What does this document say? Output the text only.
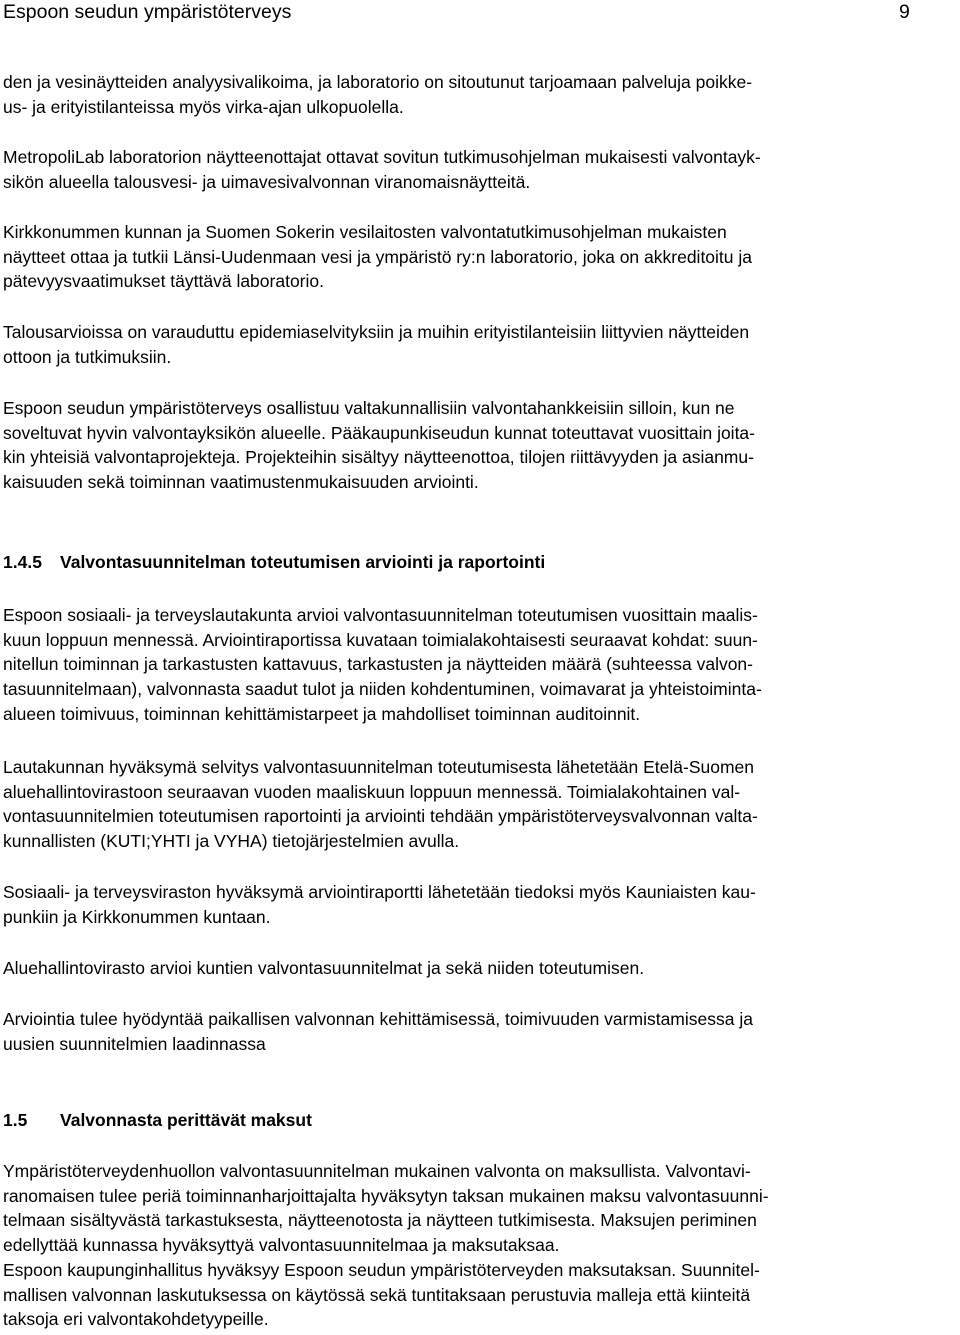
Espoon seudun ympäristöterveys	9
den ja vesinäytteiden analyysivalikoima, ja laboratorio on sitoutunut tarjoamaan palveluja poikke-
us- ja erityistilanteissa myös virka-ajan ulkopuolella.
MetropoliLab laboratorion näytteenottajat ottavat sovitun tutkimusohjelman mukaisesti valvontayk-
sikön alueella talousvesi- ja uimavesivalvonnan viranomaisnäytteitä.
Kirkkonummen kunnan ja Suomen Sokerin vesilaitosten valvontatutkimusohjelman mukaisten
näytteet ottaa ja tutkii Länsi-Uudenmaan vesi ja ympäristö ry:n laboratorio, joka on akkreditoitu ja
pätevyysvaatimukset täyttävä laboratorio.
Talousarvioissa on varauduttu epidemiaselvityksiin ja muihin erityistilanteisiin liittyvien näytteiden
ottoon ja tutkimuksiin.
Espoon seudun ympäristöterveys osallistuu valtakunnallisiin valvontahankkeisiin silloin, kun ne
soveltuvat hyvin valvontayksikön alueelle. Pääkaupunkiseudun kunnat toteuttavat vuosittain joita-
kin yhteisiä valvontaprojekteja. Projekteihin sisältyy näytteenottoa, tilojen riittävyyden ja asianmu-
kaisuuden sekä toiminnan vaatimustenmukaisuuden arviointi.
1.4.5 Valvontasuunnitelman toteutumisen arviointi ja raportointi
Espoon sosiaali- ja terveyslautakunta arvioi valvontasuunnitelman toteutumisen vuosittain maalis-
kuun loppuun mennessä. Arviointiraportissa kuvataan toimialakohtaisesti seuraavat kohdat: suun-
nitellun toiminnan ja tarkastusten kattavuus, tarkastusten ja näytteiden määrä (suhteessa valvon-
tasuunnitelmaan), valvonnasta saadut tulot ja niiden kohdentuminen, voimavarat ja yhteistoiminta-
alueen toimivuus, toiminnan kehittämistarpeet ja mahdolliset toiminnan auditoinnit.
Lautakunnan hyväksymä selvitys valvontasuunnitelman toteutumisesta lähetetään Etelä-Suomen
aluehallintovirastoon seuraavan vuoden maaliskuun loppuun mennessä. Toimialakohtainen val-
vontasuunnitelmien toteutumisen raportointi ja arviointi tehdään ympäristöterveysvalvonnan valta-
kunnallisten (KUTI;YHTI ja VYHA) tietojärjestelmien avulla.
Sosiaali- ja terveysviraston hyväksymä arviointiraportti lähetetään tiedoksi myös Kauniaisten kau-
punkiin ja Kirkkonummen kuntaan.
Aluehallintovirasto arvioi kuntien valvontasuunnitelmat ja sekä niiden toteutumisen.
Arviointia tulee hyödyntää paikallisen valvonnan kehittämisessä, toimivuuden varmistamisessa ja
uusien suunnitelmien laadinnassa
1.5 Valvonnasta perittävät maksut
Ympäristöterveydenhuollon valvontasuunnitelman mukainen valvonta on maksullista. Valvontavi-
ranomaisen tulee periä toiminnanharjoittajalta hyväksytyn taksan mukainen maksu valvontasuunni-
telmaan sisältyvästä tarkastuksesta, näytteenotosta ja näytteen tutkimisesta. Maksujen periminen
edellyttää kunnassa hyväksyttyä valvontasuunnitelmaa ja maksutaksaa.
Espoon kaupunginhallitus hyväksyy Espoon seudun ympäristöterveyden maksutaksan. Suunnitel-
mallisen valvonnan laskutuksessa on käytössä sekä tuntitaksaan perustuvia malleja että kiinteitä
taksoja eri valvontakohdetyypeille.
